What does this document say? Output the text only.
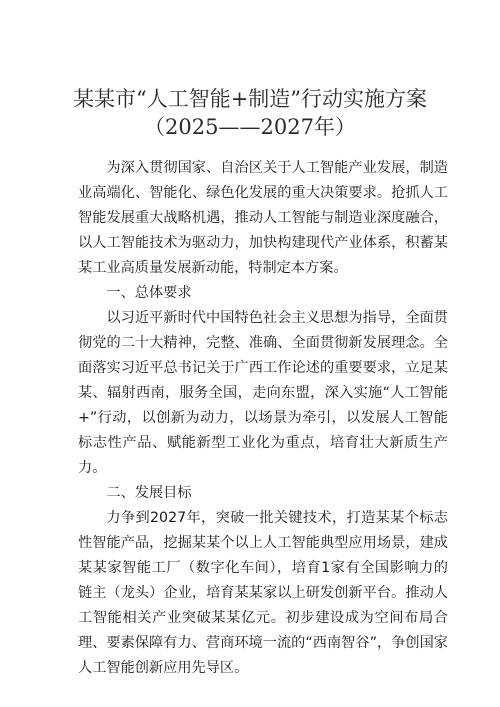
某某市“人工智能+制造”行动实施方案
（2025——2027年）

为深入贯彻国家、自治区关于人工智能产业发展，制造业高端化、智能化、绿色化发展的重大决策要求。抢抓人工智能发展重大战略机遇，推动人工智能与制造业深度融合，以人工智能技术为驱动力，加快构建现代产业体系，积蓄某某工业高质量发展新动能，特制定本方案。

一、总体要求

以习近平新时代中国特色社会主义思想为指导，全面贯彻党的二十大精神，完整、准确、全面贯彻新发展理念。全面落实习近平总书记关于广西工作论述的重要要求，立足某某、辐射西南，服务全国，走向东盟，深入实施“人工智能+”行动，以创新为动力，以场景为牵引，以发展人工智能标志性产品、赋能新型工业化为重点，培育壮大新质生产力。

二、发展目标

力争到2027年，突破一批关键技术，打造某某个标志性智能产品，挖掘某某个以上人工智能典型应用场景，建成某某家智能工厂（数字化车间），培育1家有全国影响力的链主（龙头）企业，培育某某家以上研发创新平台。推动人工智能相关产业突破某某亿元。初步建设成为空间布局合理、要素保障有力、营商环境一流的“西南智谷”，争创国家人工智能创新应用先导区。
